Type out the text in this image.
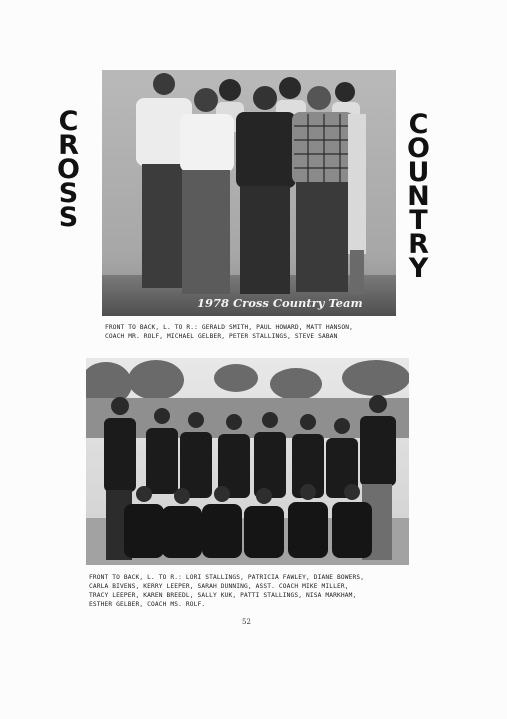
C
R
O
S
S
C
O
U
N
T
R
Y
1978 Cross Country Team
FRONT TO BACK, L. TO R.: GERALD SMITH, PAUL HOWARD, MATT HANSON,
COACH MR. ROLF, MICHAEL GELBER, PETER STALLINGS, STEVE SABAN
FRONT TO BACK, L. TO R.: LORI STALLINGS, PATRICIA FAWLEY, DIANE BOWERS,
CARLA BIVENS, KERRY LEEPER, SARAH DUNNING, ASST. COACH MIKE MILLER,
TRACY LEEPER, KAREN BREEDL, SALLY KUK, PATTI STALLINGS, NISA MARKHAM,
ESTHER GELBER, COACH MS. ROLF.
52
